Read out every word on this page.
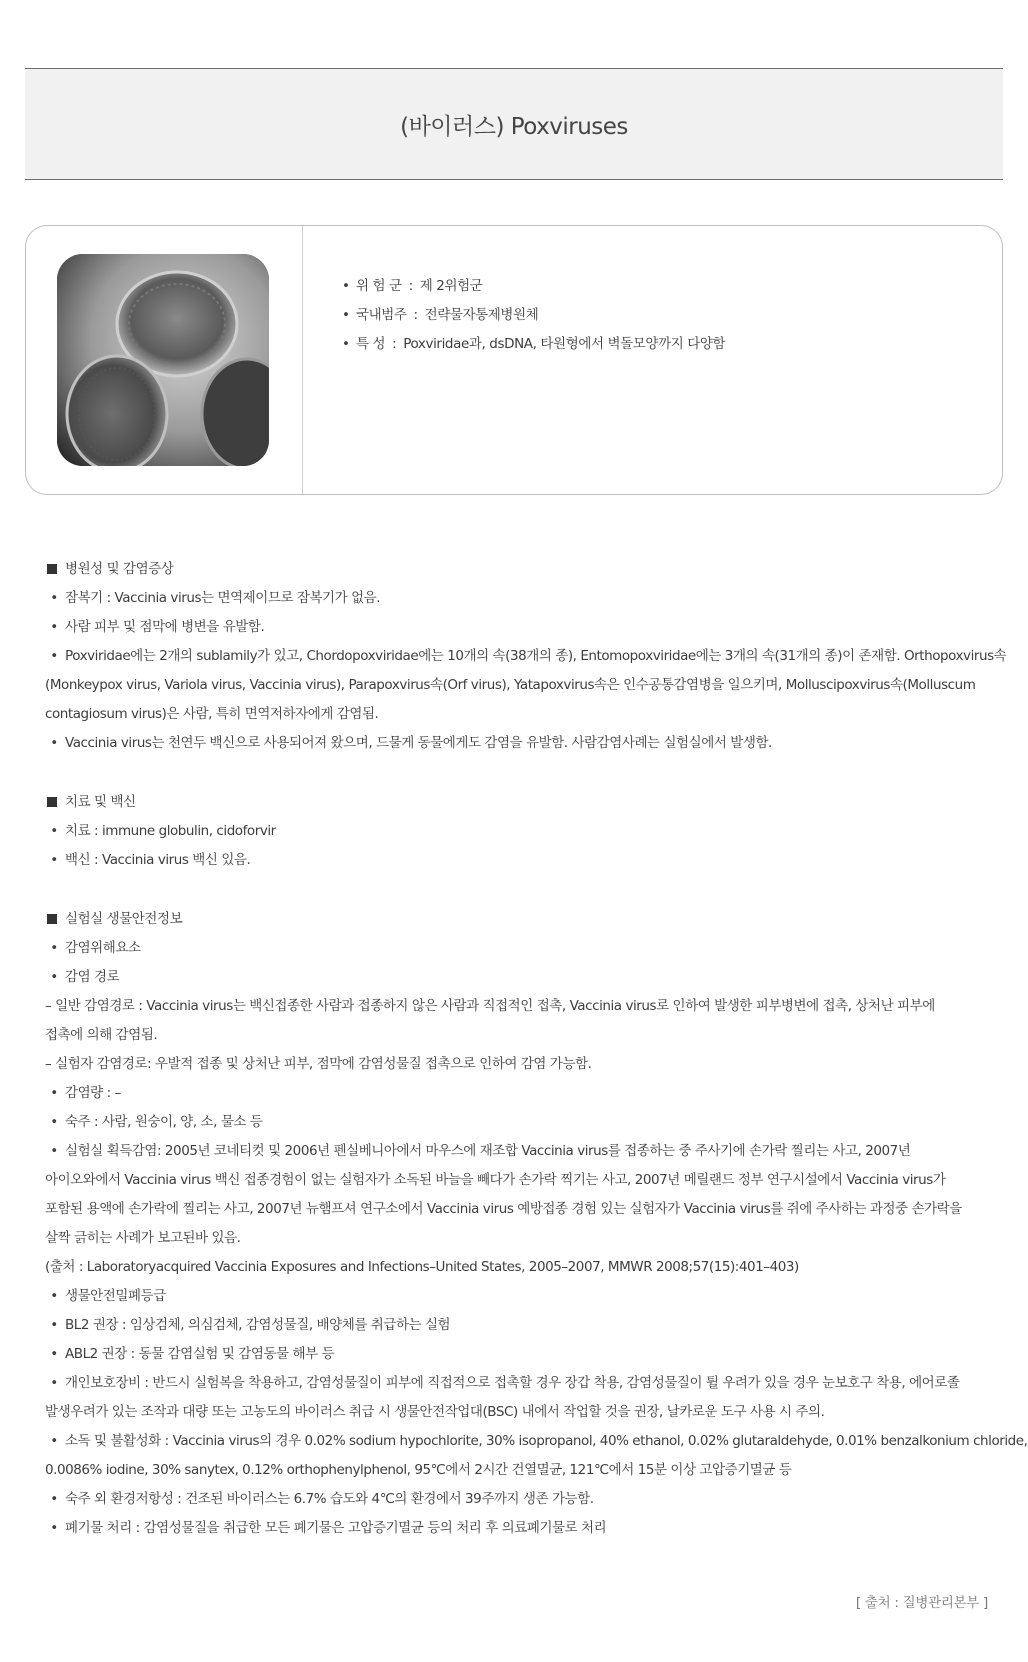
(바이러스) Poxviruses
• 위 험 군 : 제 2위험군
• 국내범주 : 전략물자통제병원체
• 특 성 : Poxviridae과, dsDNA, 타원형에서 벽돌모양까지 다양함
병원성 및 감염증상
• 잠복기 : Vaccinia virus는 면역제이므로 잠복기가 없음.
• 사람 피부 및 점막에 병변을 유발함.
• Poxviridae에는 2개의 sublamily가 있고, Chordopoxviridae에는 10개의 속(38개의 종), Entomopoxviridae에는 3개의 속(31개의 종)이 존재함. Orthopoxvirus속
(Monkeypox virus, Variola virus, Vaccinia virus), Parapoxvirus속(Orf virus), Yatapoxvirus속은 인수공통감염병을 일으키며, Molluscipoxvirus속(Molluscum
contagiosum virus)은 사람, 특히 면역저하자에게 감염됨.
• Vaccinia virus는 천연두 백신으로 사용되어져 왔으며, 드물게 동물에게도 감염을 유발함. 사람감염사례는 실험실에서 발생함.
치료 및 백신
• 치료 : immune globulin, cidoforvir
• 백신 : Vaccinia virus 백신 있음.
실험실 생물안전정보
• 감염위해요소
• 감염 경로
– 일반 감염경로 : Vaccinia virus는 백신접종한 사람과 접종하지 않은 사람과 직접적인 접촉, Vaccinia virus로 인하여 발생한 피부병변에 접촉, 상처난 피부에
접촉에 의해 감염됨.
– 실험자 감염경로: 우발적 접종 및 상처난 피부, 점막에 감염성물질 접촉으로 인하여 감염 가능함.
• 감염량 : –
• 숙주 : 사람, 원숭이, 양, 소, 물소 등
• 실험실 획득감염: 2005년 코네티컷 및 2006년 펜실베니아에서 마우스에 재조합 Vaccinia virus를 접종하는 중 주사기에 손가락 찔리는 사고, 2007년
아이오와에서 Vaccinia virus 백신 접종경험이 없는 실험자가 소독된 바늘을 빼다가 손가락 찍기는 사고, 2007년 메릴랜드 정부 연구시설에서 Vaccinia virus가
포함된 용액에 손가락에 찔리는 사고, 2007년 뉴햄프셔 연구소에서 Vaccinia virus 예방접종 경험 있는 실험자가 Vaccinia virus를 쥐에 주사하는 과정중 손가락을
살짝 긁히는 사례가 보고된바 있음.
(출처 : Laboratoryacquired Vaccinia Exposures and Infections–United States, 2005–2007, MMWR 2008;57(15):401–403)
• 생물안전밀폐등급
• BL2 권장 : 임상검체, 의심검체, 감염성물질, 배양체를 취급하는 실험
• ABL2 권장 : 동물 감염실험 및 감염동물 해부 등
• 개인보호장비 : 반드시 실험복을 착용하고, 감염성물질이 피부에 직접적으로 접촉할 경우 장갑 착용, 감염성물질이 튈 우려가 있을 경우 눈보호구 착용, 에어로졸
발생우려가 있는 조작과 대량 또는 고농도의 바이러스 취급 시 생물안전작업대(BSC) 내에서 작업할 것을 권장, 날카로운 도구 사용 시 주의.
• 소독 및 불활성화 : Vaccinia virus의 경우 0.02% sodium hypochlorite, 30% isopropanol, 40% ethanol, 0.02% glutaraldehyde, 0.01% benzalkonium chloride,
0.0086% iodine, 30% sanytex, 0.12% orthophenylphenol, 95℃에서 2시간 건열멸균, 121℃에서 15분 이상 고압증기멸균 등
• 숙주 외 환경저항성 : 건조된 바이러스는 6.7% 습도와 4℃의 환경에서 39주까지 생존 가능함.
• 폐기물 처리 : 감염성물질을 취급한 모든 폐기물은 고압증기멸균 등의 처리 후 의료폐기물로 처리
[ 출처 : 질병관리본부 ]
